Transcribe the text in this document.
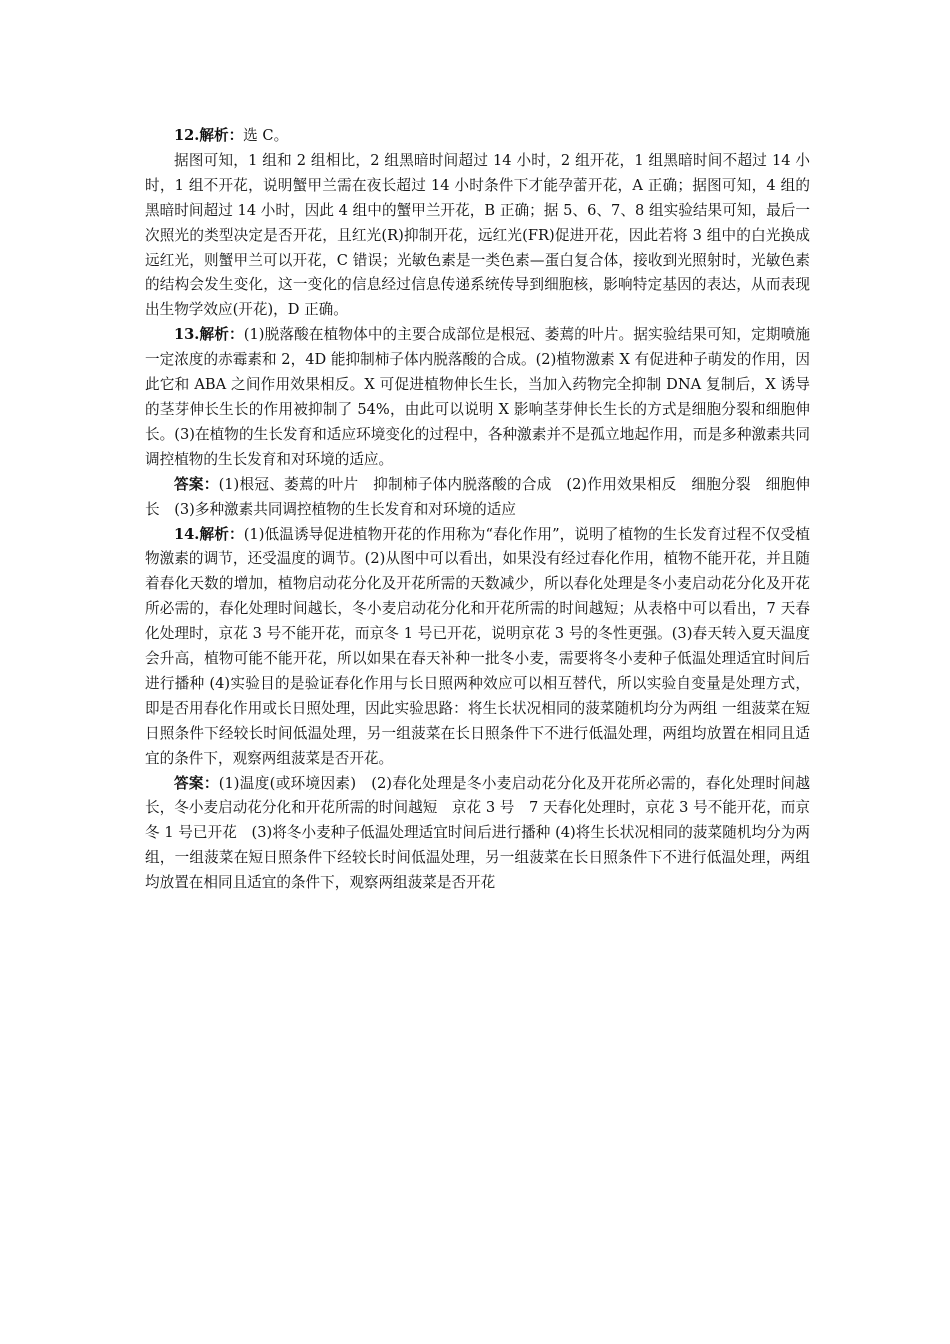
12.解析：选 C。

据图可知，1 组和 2 组相比，2 组黑暗时间超过 14 小时，2 组开花，1 组黑暗时间不超过 14 小时，1 组不开花，说明蟹甲兰需在夜长超过 14 小时条件下才能孕蕾开花，A 正确；据图可知，4 组的黑暗时间超过 14 小时，因此 4 组中的蟹甲兰开花，B 正确；据 5、6、7、8 组实验结果可知，最后一次照光的类型决定是否开花，且红光(R)抑制开花，远红光(FR)促进开花，因此若将 3 组中的白光换成远红光，则蟹甲兰可以开花，C 错误；光敏色素是一类色素—蛋白复合体，接收到光照射时，光敏色素的结构会发生变化，这一变化的信息经过信息传递系统传导到细胞核，影响特定基因的表达，从而表现出生物学效应(开花)，D 正确。

13.解析：(1)脱落酸在植物体中的主要合成部位是根冠、萎蔫的叶片。据实验结果可知，定期喷施一定浓度的赤霉素和 2，4D 能抑制柿子体内脱落酸的合成。(2)植物激素 X 有促进种子萌发的作用，因此它和 ABA 之间作用效果相反。X 可促进植物伸长生长，当加入药物完全抑制 DNA 复制后，X 诱导的茎芽伸长生长的作用被抑制了 54%，由此可以说明 X 影响茎芽伸长生长的方式是细胞分裂和细胞伸长。(3)在植物的生长发育和适应环境变化的过程中，各种激素并不是孤立地起作用，而是多种激素共同调控植物的生长发育和对环境的适应。

答案：(1)根冠、萎蔫的叶片　抑制柿子体内脱落酸的合成　(2)作用效果相反　细胞分裂　细胞伸长　(3)多种激素共同调控植物的生长发育和对环境的适应

14.解析：(1)低温诱导促进植物开花的作用称为“春化作用”，说明了植物的生长发育过程不仅受植物激素的调节，还受温度的调节。(2)从图中可以看出，如果没有经过春化作用，植物不能开花，并且随着春化天数的增加，植物启动花分化及开花所需的天数减少，所以春化处理是冬小麦启动花分化及开花所必需的，春化处理时间越长，冬小麦启动花分化和开花所需的时间越短；从表格中可以看出，7 天春化处理时，京花 3 号不能开花，而京冬 1 号已开花，说明京花 3 号的冬性更强。(3)春天转入夏天温度会升高，植物可能不能开花，所以如果在春天补种一批冬小麦，需要将冬小麦种子低温处理适宜时间后进行播种 (4)实验目的是验证春化作用与长日照两种效应可以相互替代，所以实验自变量是处理方式，即是否用春化作用或长日照处理，因此实验思路：将生长状况相同的菠菜随机均分为两组 一组菠菜在短日照条件下经较长时间低温处理，另一组菠菜在长日照条件下不进行低温处理，两组均放置在相同且适宜的条件下，观察两组菠菜是否开花。

答案：(1)温度(或环境因素)　(2)春化处理是冬小麦启动花分化及开花所必需的，春化处理时间越长，冬小麦启动花分化和开花所需的时间越短　京花 3 号　7 天春化处理时，京花 3 号不能开花，而京冬 1 号已开花　(3)将冬小麦种子低温处理适宜时间后进行播种 (4)将生长状况相同的菠菜随机均分为两组，一组菠菜在短日照条件下经较长时间低温处理，另一组菠菜在长日照条件下不进行低温处理，两组均放置在相同且适宜的条件下，观察两组菠菜是否开花
